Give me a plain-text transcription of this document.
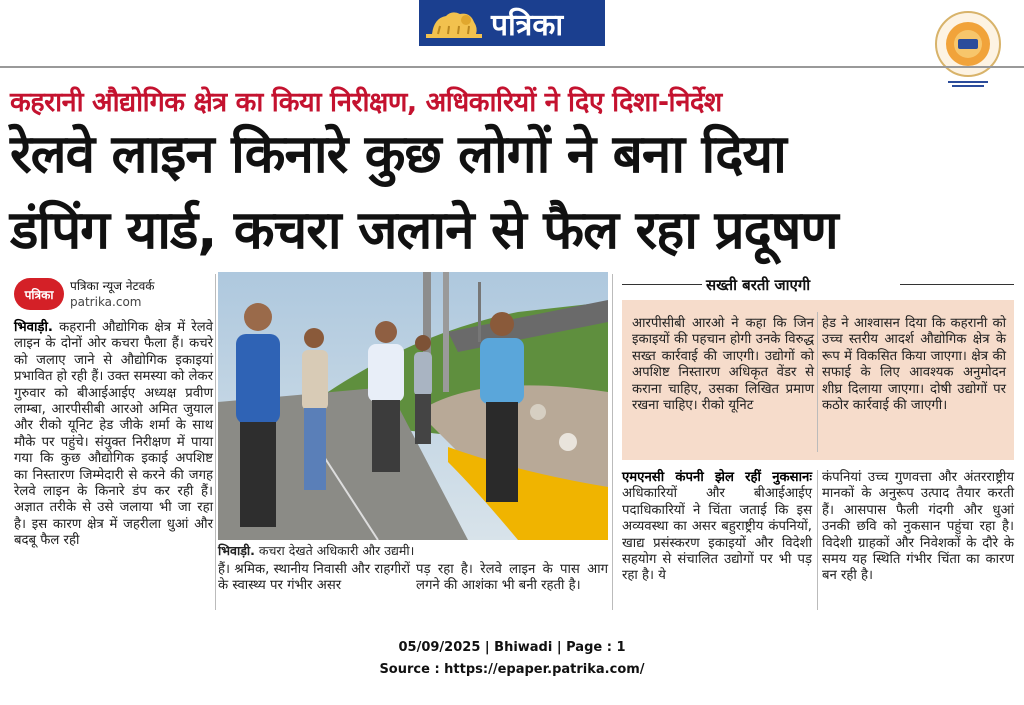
पत्रिका
कहरानी औद्योगिक क्षेत्र का किया निरीक्षण, अधिकारियों ने दिए दिशा-निर्देश
रेलवे लाइन किनारे कुछ लोगों ने बना दिया
डंपिंग यार्ड, कचरा जलाने से फैल रहा प्रदूषण
पत्रिका
पत्रिका न्यूज नेटवर्क
patrika.com
भिवाड़ी. कहरानी औद्योगिक क्षेत्र में रेलवे लाइन के दोनों ओर कचरा फैला हैं। कचरे को जलाए जाने से औद्योगिक इकाइयां प्रभावित हो रही हैं। उक्त समस्या को लेकर गुरुवार को बीआईआईए अध्यक्ष प्रवीण लाम्बा, आरपीसीबी आरओ अमित जुयाल और रीको यूनिट हेड जीके शर्मा के साथ मौके पर पहुंचे। संयुक्त निरीक्षण में पाया गया कि कुछ औद्योगिक इकाई अपशिष्ट का निस्तारण जिम्मेदारी से करने की जगह रेलवे लाइन के किनारे डंप कर रही हैं। अज्ञात तरीके से उसे जलाया भी जा रहा है। इस कारण क्षेत्र में जहरीला धुआं और बदबू फैल रही
भिवाड़ी. कचरा देखते अधिकारी और उद्यमी।
हैं। श्रमिक, स्थानीय निवासी और राहगीरों के स्वास्थ्य पर गंभीर असर
पड़ रहा है। रेलवे लाइन के पास आग लगने की आशंका भी बनी रहती है।
सख्ती बरती जाएगी
आरपीसीबी आरओ ने कहा कि जिन इकाइयों की पहचान होगी उनके विरुद्ध सख्त कार्रवाई की जाएगी। उद्योगों को अपशिष्ट निस्तारण अधिकृत वेंडर से कराना चाहिए, उसका लिखित प्रमाण रखना चाहिए। रीको यूनिट
हेड ने आश्वासन दिया कि कहरानी को उच्च स्तरीय आदर्श औद्योगिक क्षेत्र के रूप में विकसित किया जाएगा। क्षेत्र की सफाई के लिए आवश्यक अनुमोदन शीघ्र दिलाया जाएगा। दोषी उद्योगों पर कठोर कार्रवाई की जाएगी।
एमएनसी कंपनी झेल रहीं नुकसानः अधिकारियों और बीआईआईए पदाधिकारियों ने चिंता जताई कि इस अव्यवस्था का असर बहुराष्ट्रीय कंपनियों, खाद्य प्रसंस्करण इकाइयों और विदेशी सहयोग से संचालित उद्योगों पर भी पड़ रहा है। ये
कंपनियां उच्च गुणवत्ता और अंतरराष्ट्रीय मानकों के अनुरूप उत्पाद तैयार करती हैं। आसपास फैली गंदगी और धुआं उनकी छवि को नुकसान पहुंचा रहा है। विदेशी ग्राहकों और निवेशकों के दौरे के समय यह स्थिति गंभीर चिंता का कारण बन रही है।
05/09/2025 | Bhiwadi | Page : 1
Source : https://epaper.patrika.com/
